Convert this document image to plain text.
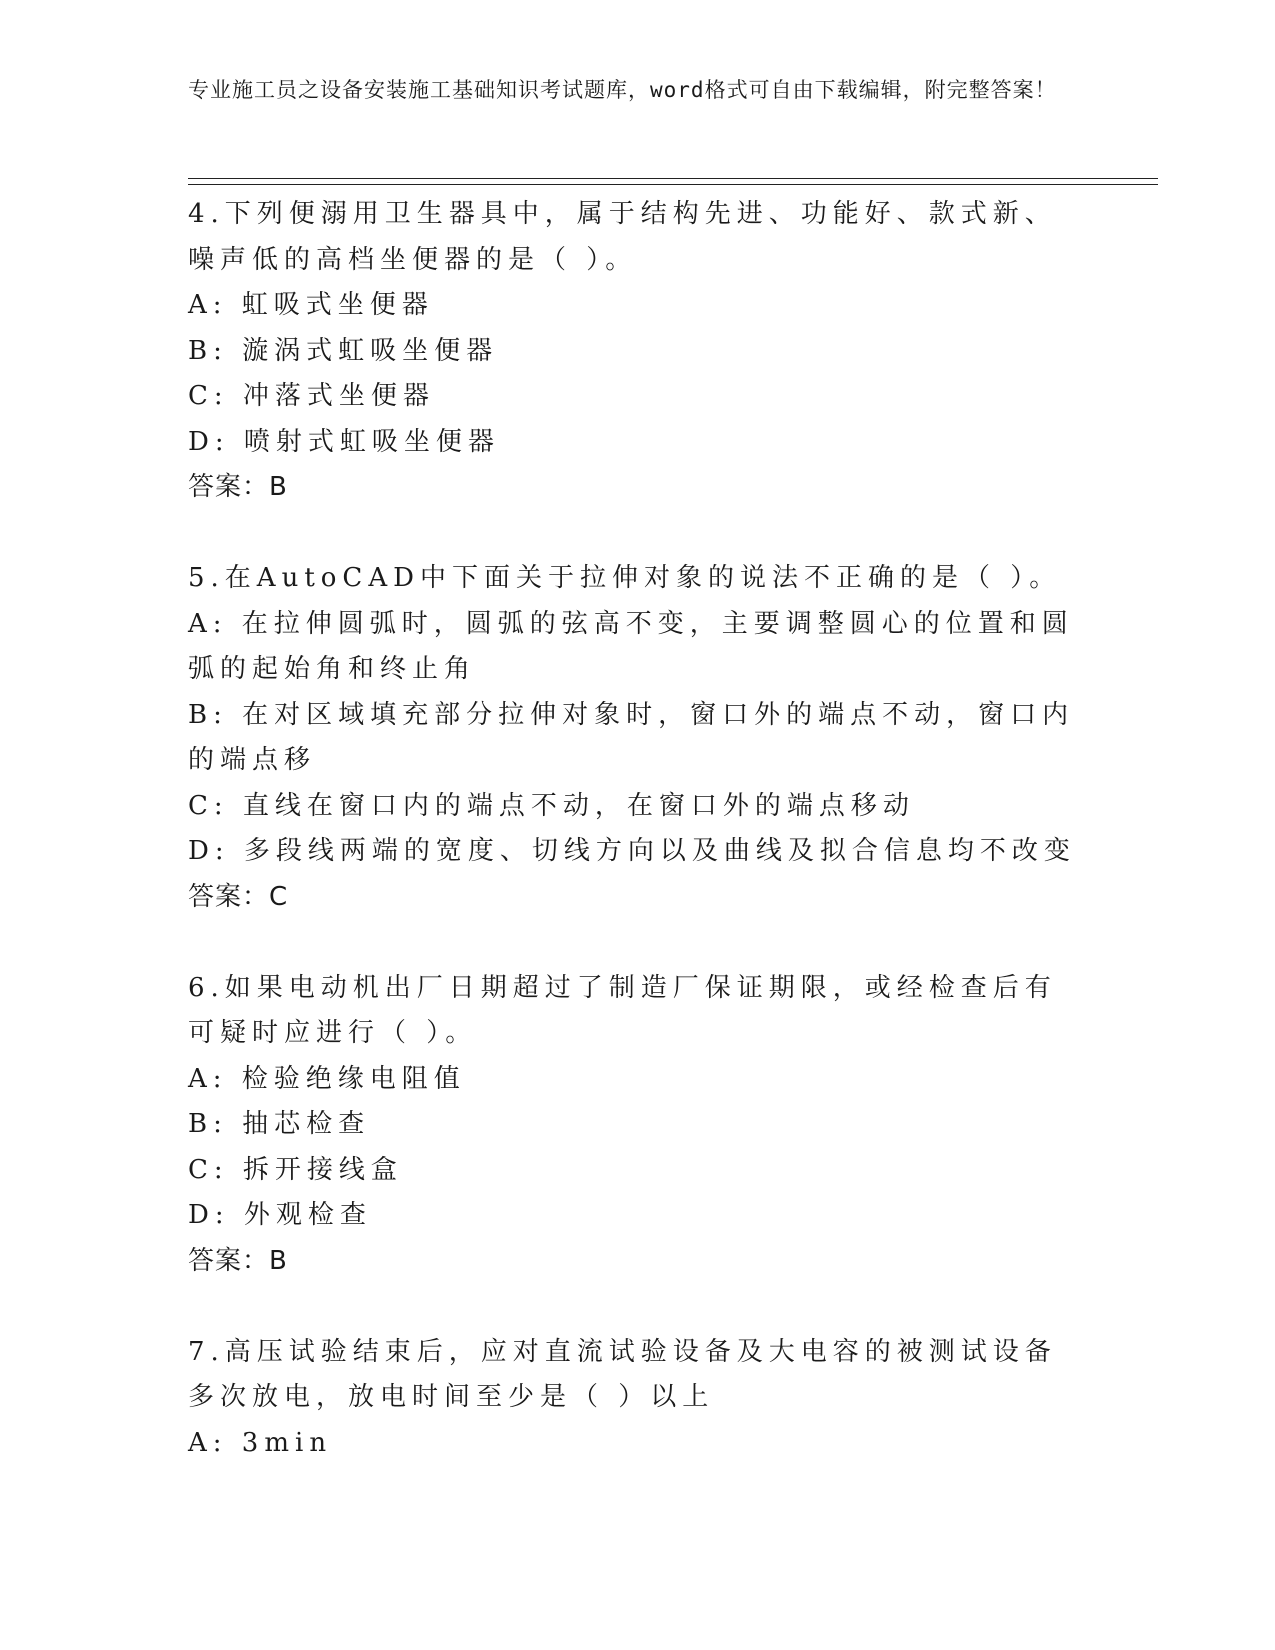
专业施工员之设备安装施工基础知识考试题库，word格式可自由下载编辑，附完整答案！
4.下列便溺用卫生器具中，属于结构先进、功能好、款式新、噪声低的高档坐便器的是（ ）。
A: 虹吸式坐便器
B: 漩涡式虹吸坐便器
C: 冲落式坐便器
D: 喷射式虹吸坐便器
答案：B
5.在AutoCAD中下面关于拉伸对象的说法不正确的是（ ）。
A: 在拉伸圆弧时，圆弧的弦高不变，主要调整圆心的位置和圆弧的起始角和终止角
B: 在对区域填充部分拉伸对象时，窗口外的端点不动，窗口内的端点移
C: 直线在窗口内的端点不动，在窗口外的端点移动
D: 多段线两端的宽度、切线方向以及曲线及拟合信息均不改变
答案：C
6.如果电动机出厂日期超过了制造厂保证期限，或经检查后有可疑时应进行（ ）。
A: 检验绝缘电阻值
B: 抽芯检查
C: 拆开接线盒
D: 外观检查
答案：B
7.高压试验结束后，应对直流试验设备及大电容的被测试设备多次放电，放电时间至少是（ ）以上
A: 3min
